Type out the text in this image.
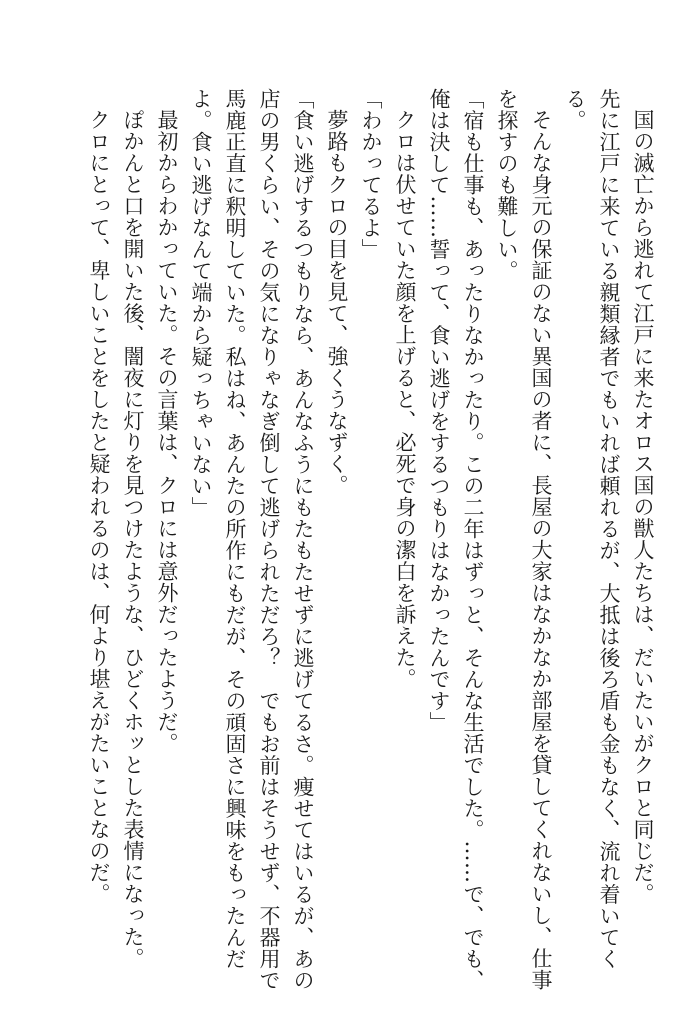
国の滅亡から逃れて江戸に来たオロス国の獣人たちは、だいたいがクロと同じだ。
先に江戸に来ている親類縁者でもいれば頼れるが、大抵は後ろ盾も金もなく、流れ着いてく
る。
そんな身元の保証のない異国の者に、長屋の大家はなかなか部屋を貸してくれないし、仕事
を探すのも難しい。
「宿も仕事も、あったりなかったり。この二年はずっと、そんな生活でした。……で、でも、
俺は決して……誓って、食い逃げをするつもりはなかったんです」
クロは伏せていた顔を上げると、必死で身の潔白を訴えた。
「わかってるよ」
夢路もクロの目を見て、強くうなずく。
「食い逃げするつもりなら、あんなふうにもたもたせずに逃げてるさ。痩せてはいるが、あの
店の男くらい、その気になりゃなぎ倒して逃げられただろ？　でもお前はそうせず、不器用で
馬鹿正直に釈明していた。私はね、あんたの所作にもだが、その頑固さに興味をもったんだ
よ。食い逃げなんて端から疑っちゃいない」
最初からわかっていた。その言葉は、クロには意外だったようだ。
ぽかんと口を開いた後、闇夜に灯りを見つけたような、ひどくホッとした表情になった。
クロにとって、卑しいことをしたと疑われるのは、何より堪えがたいことなのだ。
